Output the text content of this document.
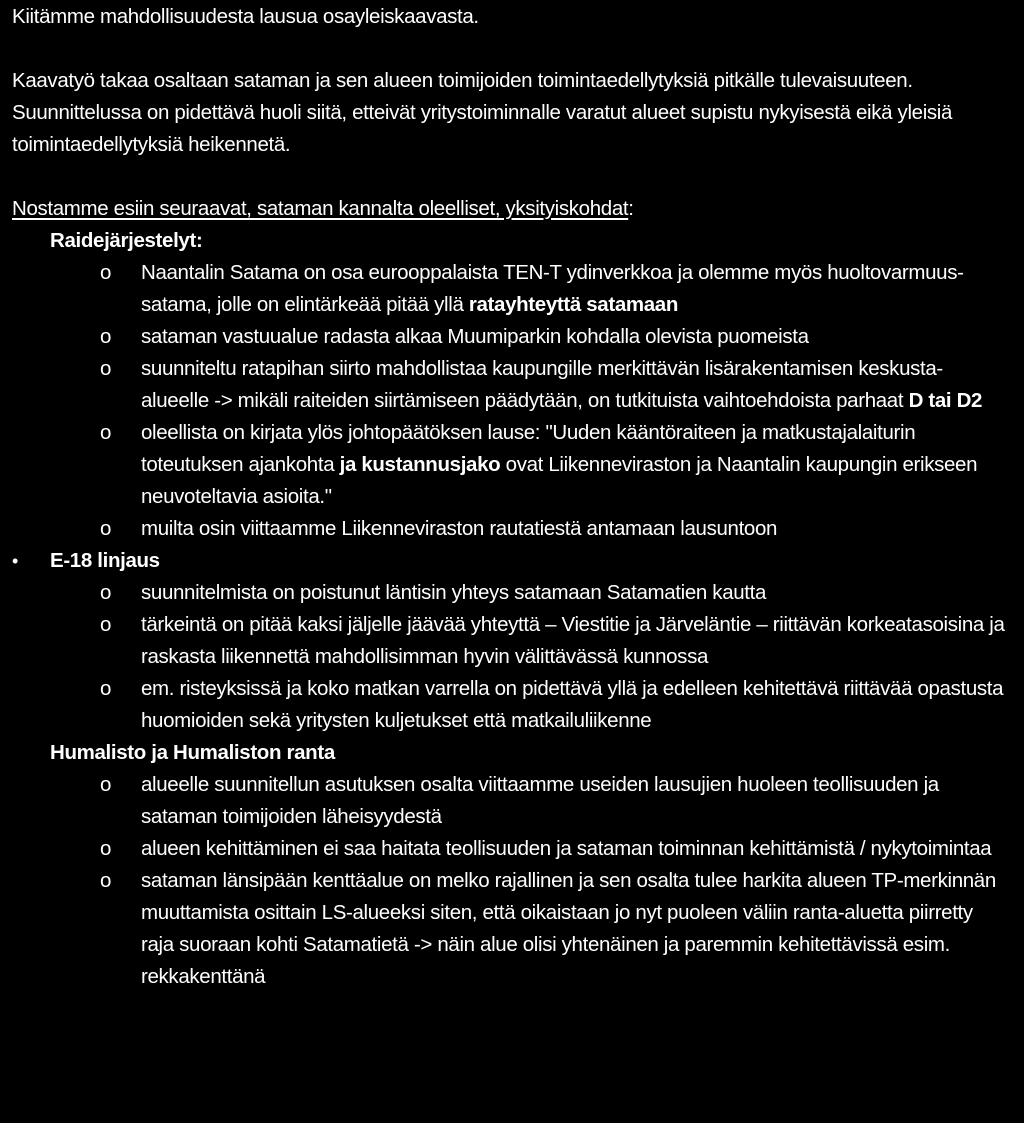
Kiitämme mahdollisuudesta lausua osayleiskaavasta.

Kaavatyö takaa osaltaan sataman ja sen alueen toimijoiden toimintaedellytyksiä pitkälle tulevaisuuteen. Suunnittelussa on pidettävä huoli siitä, etteivät yritystoiminnalle varatut alueet supistu nykyisestä eikä yleisiä toimintaedellytyksiä heikennetä.

Nostamme esiin seuraavat, sataman kannalta oleelliset, yksityiskohdat:

Raidejärjestelyt:

o	Naantalin Satama on osa eurooppalaista TEN-T ydinverkkoa ja olemme myös huoltovarmuus-satama, jolle on elintärkeää pitää yllä ratayhteyttä satamaan
o	sataman vastuualue radasta alkaa Muumiparkin kohdalla olevista puomeista
o	suunniteltu ratapihan siirto mahdollistaa kaupungille merkittävän lisärakentamisen keskusta-alueelle -> mikäli raiteiden siirtämiseen päädytään, on tutkituista vaihtoehdoista parhaat D tai D2
o	oleellista on kirjata ylös johtopäätöksen lause: "Uuden kääntöraiteen ja matkustajalaiturin toteutuksen ajankohta ja kustannusjako ovat Liikenneviraston ja Naantalin kaupungin erikseen neuvoteltavia asioita."
o	muilta osin viittaamme Liikenneviraston rautatiestä antamaan lausuntoon
•	E-18 linjaus
o	suunnitelmista on poistunut läntisin yhteys satamaan Satamatien kautta
o	tärkeintä on pitää kaksi jäljelle jäävää yhteyttä – Viestitie ja Järveläntie – riittävän korkeatasoisina ja raskasta liikennettä mahdollisimman hyvin välittävässä kunnossa
o	em. risteyksissä ja koko matkan varrella on pidettävä yllä ja edelleen kehitettävä riittävää opastusta huomioiden sekä yritysten kuljetukset että matkailuliikenne

Humalisto ja Humaliston ranta

o	alueelle suunnitellun asutuksen osalta viittaamme useiden lausujien huoleen teollisuuden ja sataman toimijoiden läheisyydestä
o	alueen kehittäminen ei saa haitata teollisuuden ja sataman toiminnan kehittämistä / nykytoimintaa
o	sataman länsipään kenttäalue on melko rajallinen ja sen osalta tulee harkita alueen TP-merkinnän muuttamista osittain LS-alueeksi siten, että oikaistaan jo nyt puoleen väliin ranta-aluetta piirretty raja suoraan kohti Satamatietä -> näin alue olisi yhtenäinen ja paremmin kehitettävissä esim. rekkakenttänä
